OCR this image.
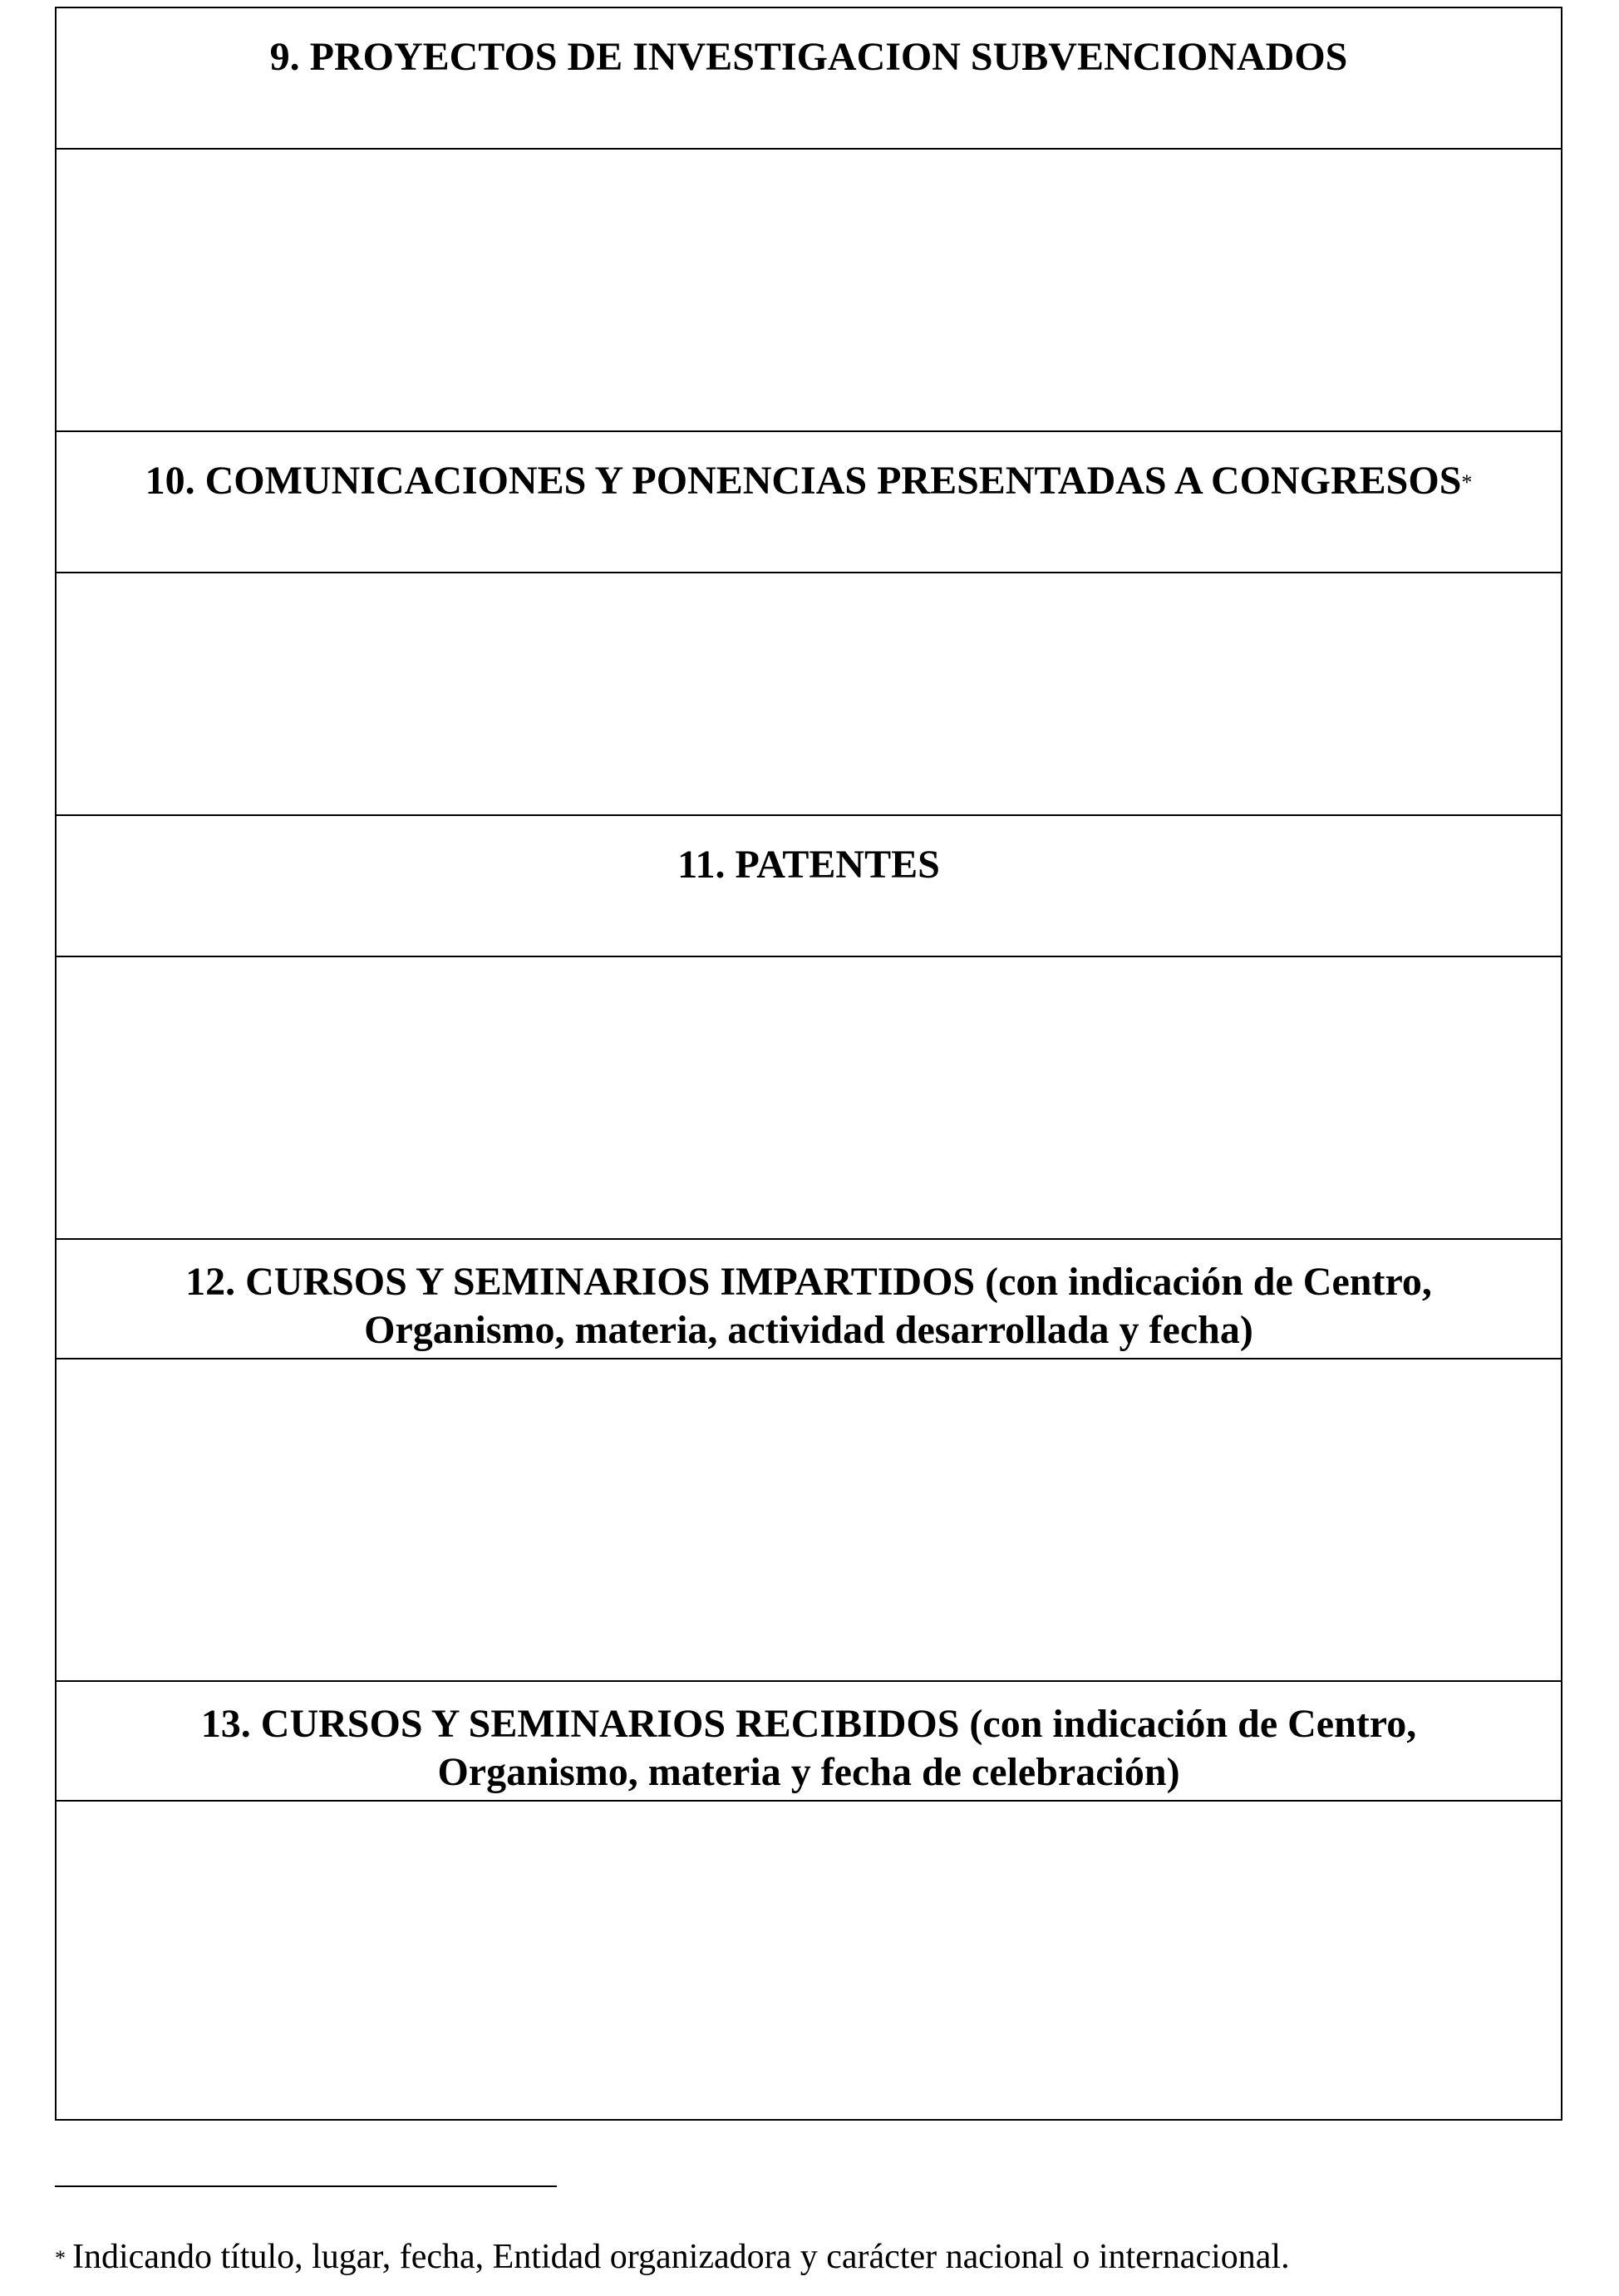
9. PROYECTOS DE INVESTIGACION SUBVENCIONADOS
10. COMUNICACIONES Y PONENCIAS PRESENTADAS A CONGRESOS*
11. PATENTES
12. CURSOS Y SEMINARIOS IMPARTIDOS (con indicación de Centro,
Organismo, materia, actividad desarrollada y fecha)
13. CURSOS Y SEMINARIOS RECIBIDOS (con indicación de Centro,
Organismo, materia y fecha de celebración)
* Indicando título, lugar, fecha, Entidad organizadora y carácter nacional o internacional.
